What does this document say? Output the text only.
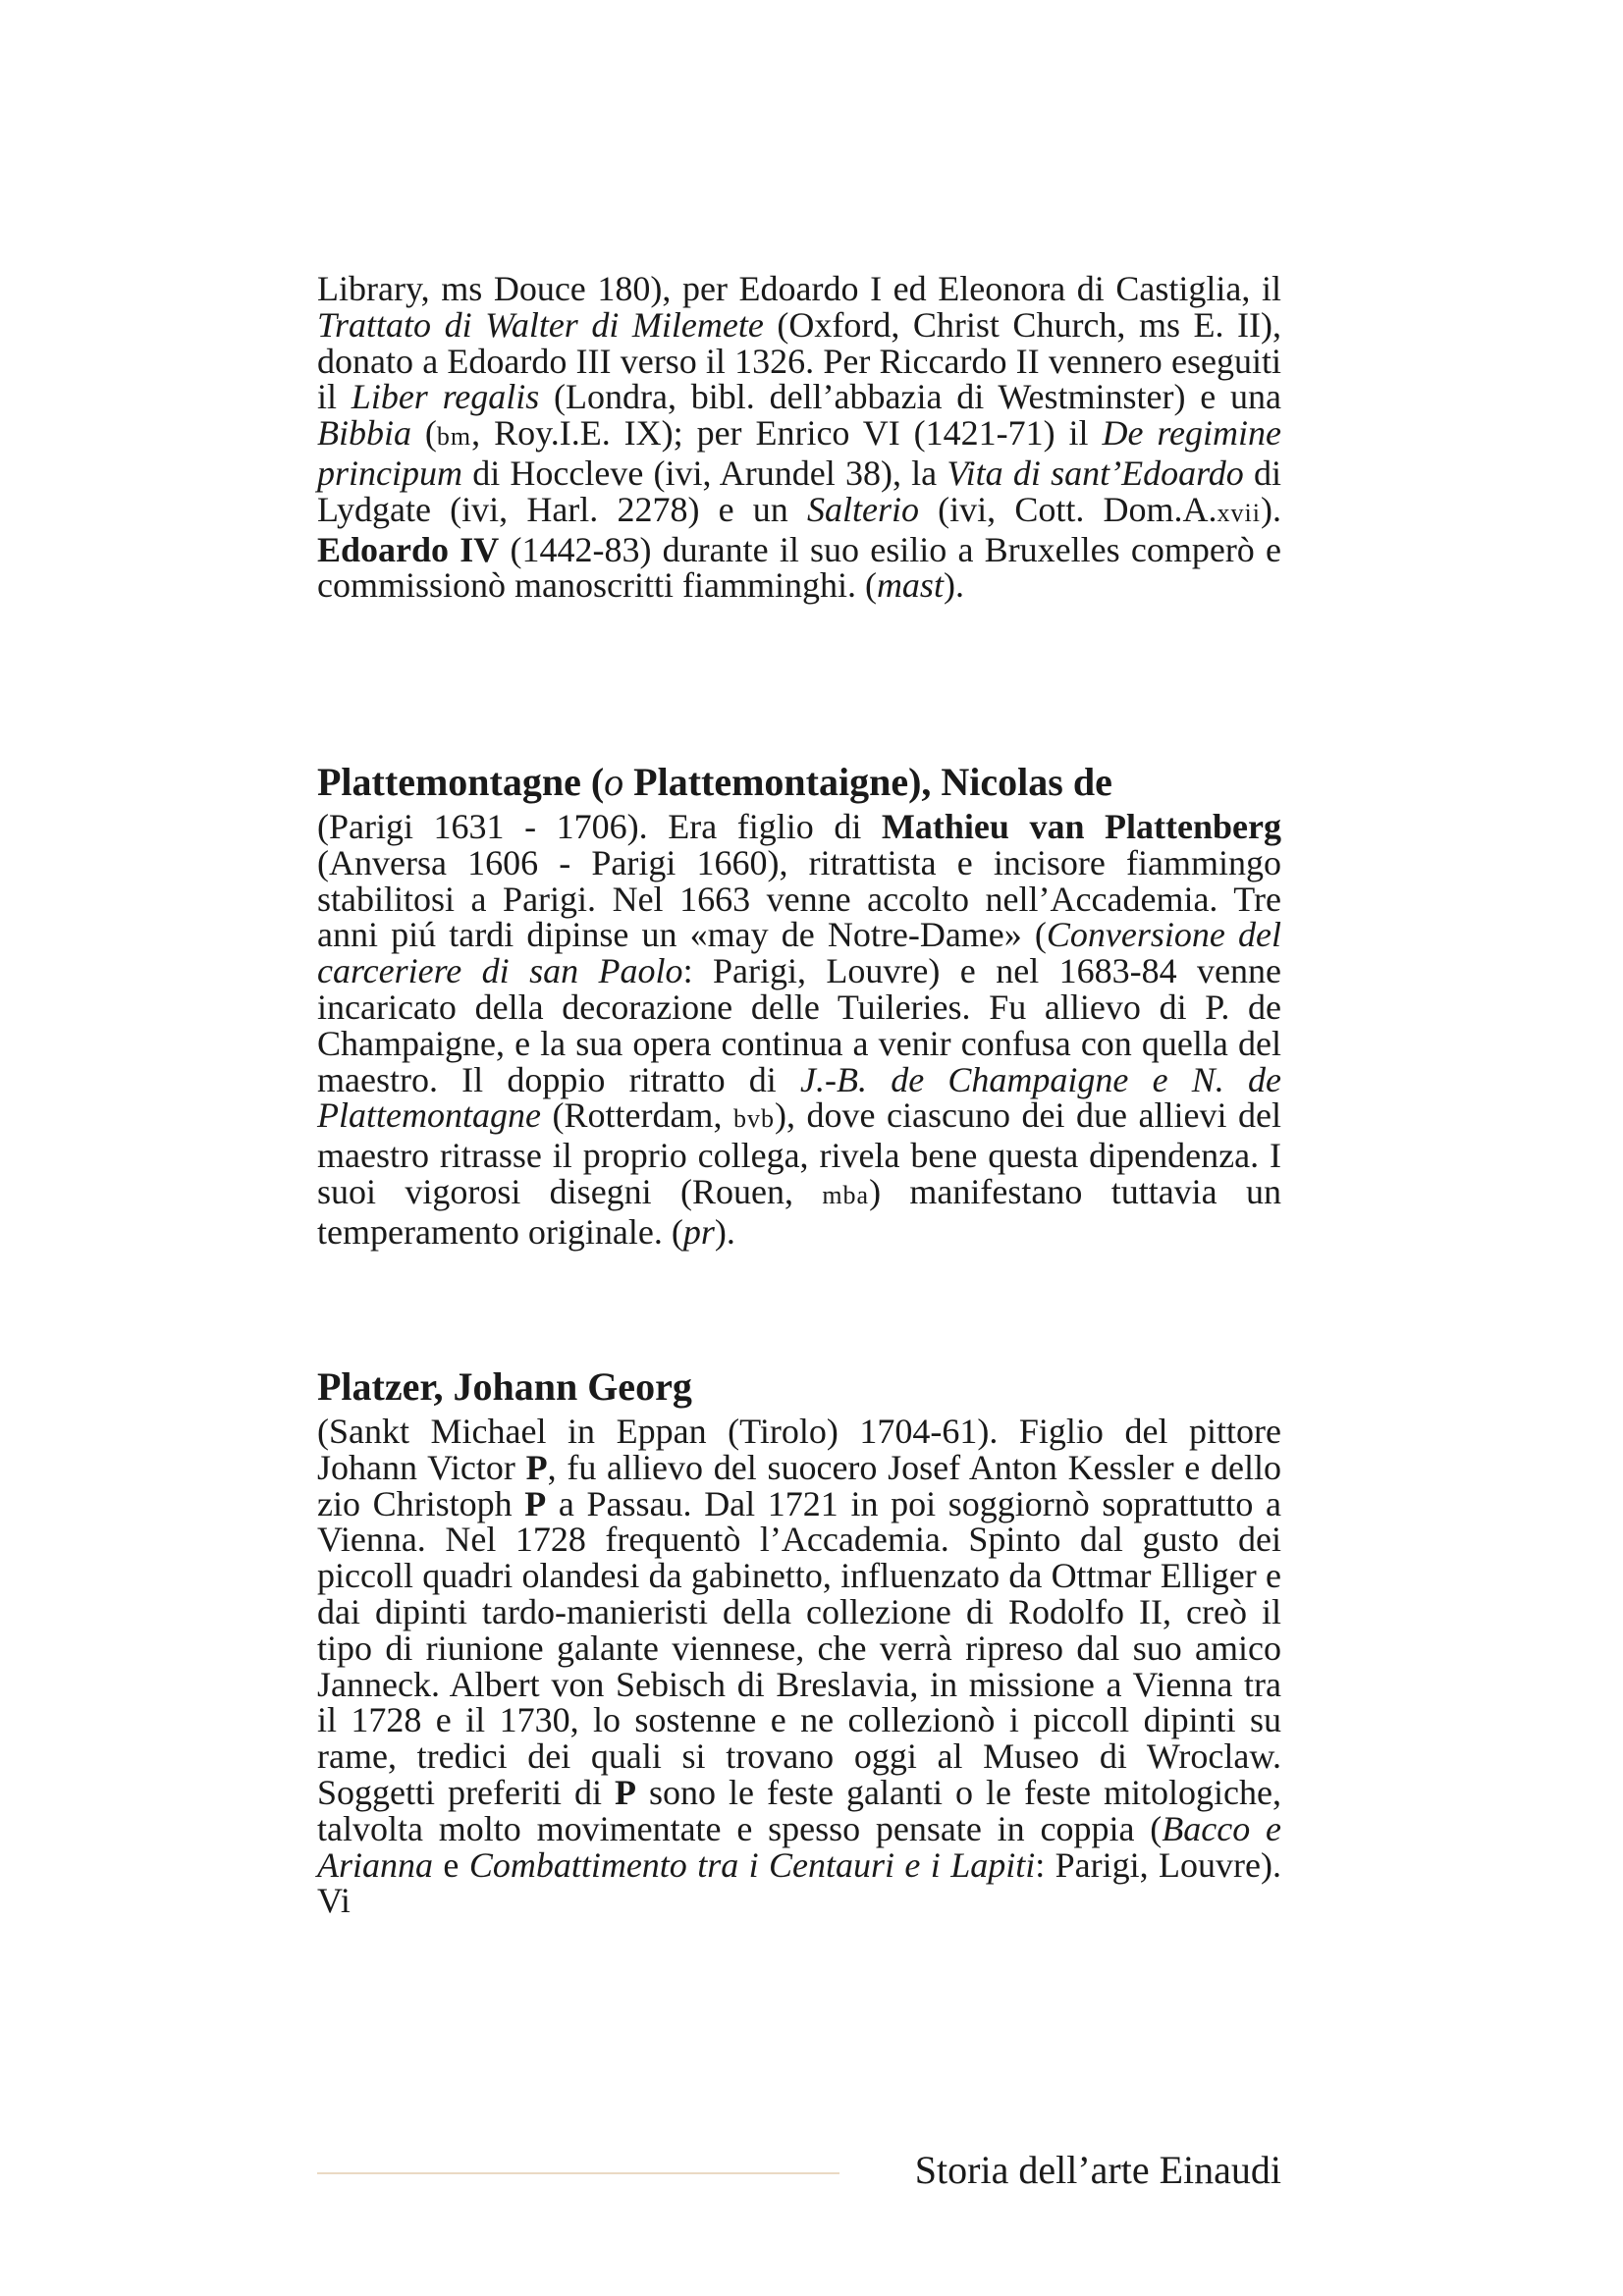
Library, ms Douce 180), per Edoardo I ed Eleonora di Castiglia, il Trattato di Walter di Milemete (Oxford, Christ Church, ms E. II), donato a Edoardo III verso il 1326. Per Riccardo II vennero eseguiti il Liber regalis (Londra, bibl. dell’abbazia di Westminster) e una Bibbia (bm, Roy.I.E. IX); per Enrico VI (1421-71) il De regimine principum di Hoccleve (ivi, Arundel 38), la Vita di sant’Edoardo di Lydgate (ivi, Harl. 2278) e un Salterio (ivi, Cott. Dom.A.xvii). Edoardo IV (1442-83) durante il suo esilio a Bruxelles comperò e commissionò manoscritti fiamminghi. (mast).

Plattemontagne (o Plattemontaigne), Nicolas de

(Parigi 1631 - 1706). Era figlio di Mathieu van Plattenberg (Anversa 1606 - Parigi 1660), ritrattista e incisore fiammingo stabilitosi a Parigi. Nel 1663 venne accolto nell’Accademia. Tre anni piú tardi dipinse un «may de Notre-Dame» (Conversione del carceriere di san Paolo: Parigi, Louvre) e nel 1683-84 venne incaricato della decorazione delle Tuileries. Fu allievo di P. de Champaigne, e la sua opera continua a venir confusa con quella del maestro. Il doppio ritratto di J.-B. de Champaigne e N. de Plattemontagne (Rotterdam, bvb), dove ciascuno dei due allievi del maestro ritrasse il proprio collega, rivela bene questa dipendenza. I suoi vigorosi disegni (Rouen, mba) manifestano tuttavia un temperamento originale. (pr).

Platzer, Johann Georg

(Sankt Michael in Eppan (Tirolo) 1704-61). Figlio del pittore Johann Victor P, fu allievo del suocero Josef Anton Kessler e dello zio Christoph P a Passau. Dal 1721 in poi soggiornò soprattutto a Vienna. Nel 1728 frequentò l’Accademia. Spinto dal gusto dei piccoll quadri olandesi da gabinetto, influenzato da Ottmar Elliger e dai dipinti tardo-manieristi della collezione di Rodolfo II, creò il tipo di riunione galante viennese, che verrà ripreso dal suo amico Janneck. Albert von Sebisch di Breslavia, in missione a Vienna tra il 1728 e il 1730, lo sostenne e ne collezionò i piccoll dipinti su rame, tredici dei quali si trovano oggi al Museo di Wroclaw. Soggetti preferiti di P sono le feste galanti o le feste mitologiche, talvolta molto movimentate e spesso pensate in coppia (Bacco e Arianna e Combattimento tra i Centauri e i Lapiti: Parigi, Louvre). Vi

Storia dell’arte Einaudi
